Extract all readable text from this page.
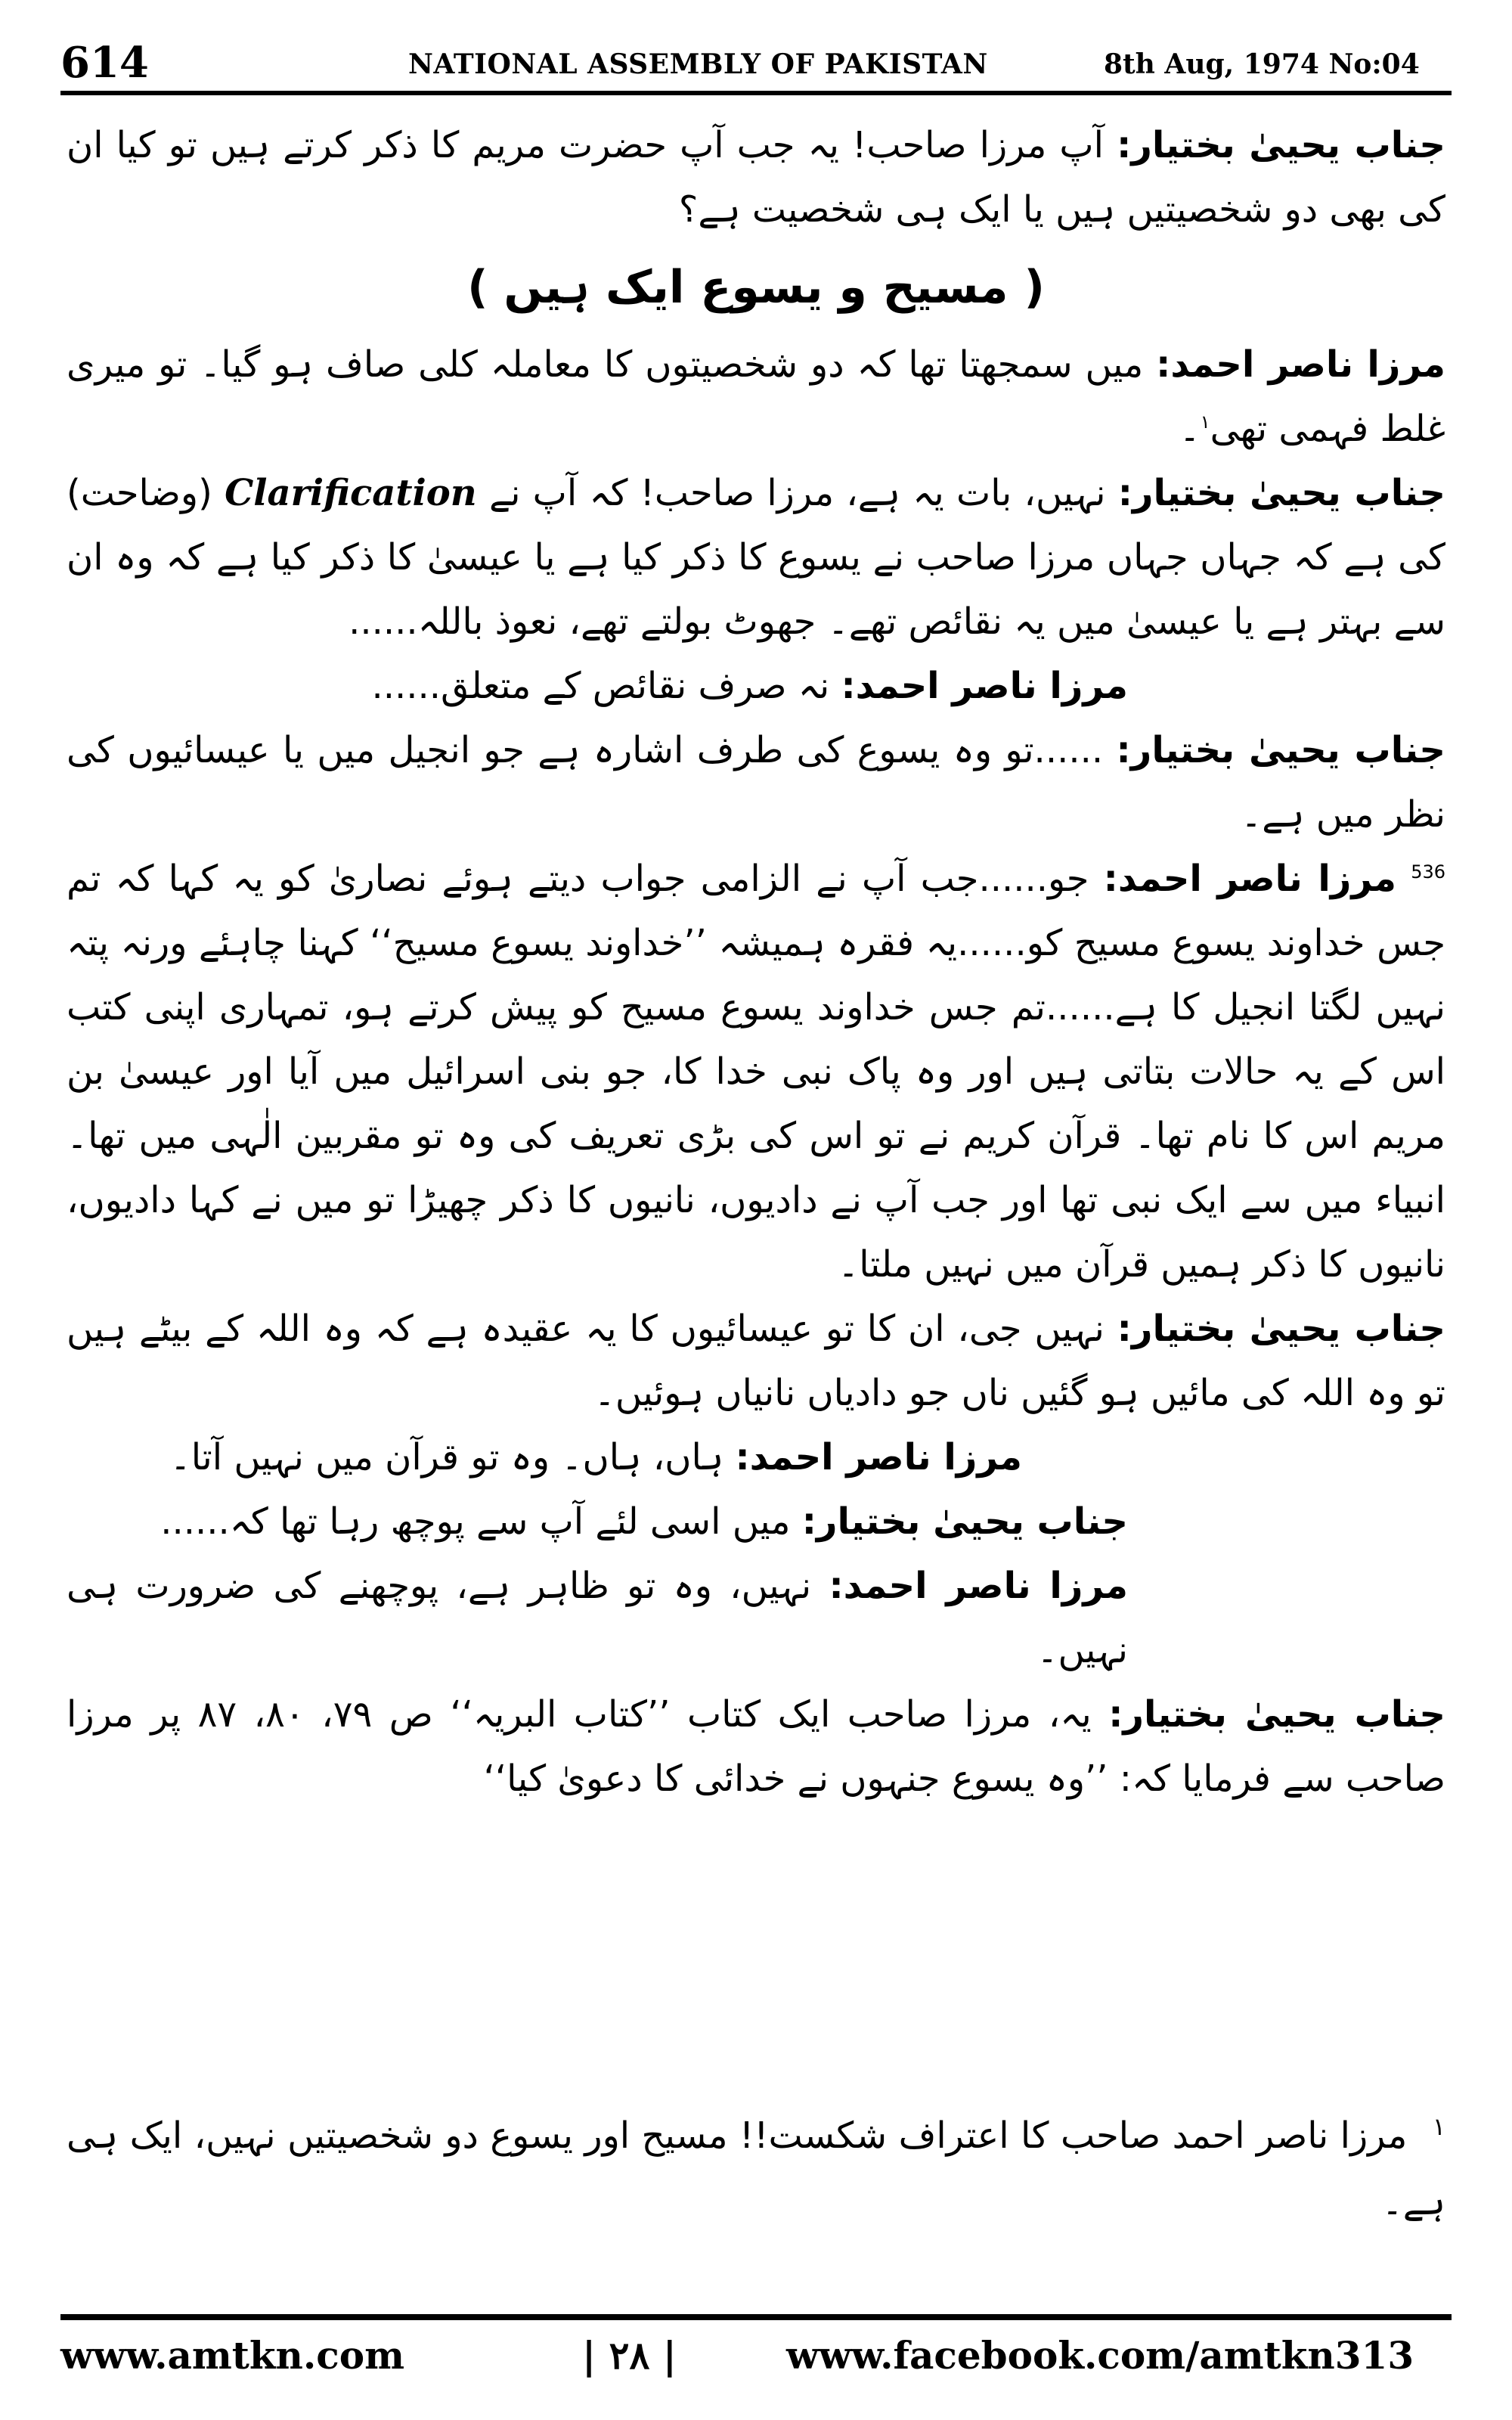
614	NATIONAL ASSEMBLY OF PAKISTAN	8th Aug, 1974 No:04

جناب یحییٰ بختیار: آپ مرزا صاحب! یہ جب آپ حضرت مریم کا ذکر کرتے ہیں تو کیا ان کی بھی دو شخصیتیں ہیں یا ایک ہی شخصیت ہے؟

( مسیح و یسوع ایک ہیں )

مرزا ناصر احمد: میں سمجھتا تھا کہ دو شخصیتوں کا معاملہ کلی صاف ہو گیا۔ تو میری غلط فہمی تھی$^۱$۔

جناب یحییٰ بختیار: نہیں، بات یہ ہے، مرزا صاحب! کہ آپ نے Clarification (وضاحت) کی ہے کہ جہاں جہاں مرزا صاحب نے یسوع کا ذکر کیا ہے یا عیسیٰ کا ذکر کیا ہے کہ وہ ان سے بہتر ہے یا عیسیٰ میں یہ نقائص تھے۔ جھوٹ بولتے تھے، نعوذ باللہ......

مرزا ناصر احمد: نہ صرف نقائص کے متعلق......

جناب یحییٰ بختیار: ......تو وہ یسوع کی طرف اشارہ ہے جو انجیل میں یا عیسائیوں کی نظر میں ہے۔

$^{536}$ مرزا ناصر احمد: جو......جب آپ نے الزامی جواب دیتے ہوئے نصاریٰ کو یہ کہا کہ تم جس خداوند یسوع مسیح کو......یہ فقرہ ہمیشہ ’’خداوند یسوع مسیح‘‘ کہنا چاہئے ورنہ پتہ نہیں لگتا انجیل کا ہے......تم جس خداوند یسوع مسیح کو پیش کرتے ہو، تمہاری اپنی کتب اس کے یہ حالات بتاتی ہیں اور وہ پاک نبی خدا کا، جو بنی اسرائیل میں آیا اور عیسیٰ بن مریم اس کا نام تھا۔ قرآن کریم نے تو اس کی بڑی تعریف کی وہ تو مقربین الٰہی میں تھا۔ انبیاء میں سے ایک نبی تھا اور جب آپ نے دادیوں، نانیوں کا ذکر چھیڑا تو میں نے کہا دادیوں، نانیوں کا ذکر ہمیں قرآن میں نہیں ملتا۔

جناب یحییٰ بختیار: نہیں جی، ان کا تو عیسائیوں کا یہ عقیدہ ہے کہ وہ اللہ کے بیٹے ہیں تو وہ اللہ کی مائیں ہو گئیں ناں جو دادیاں نانیاں ہوئیں۔

مرزا ناصر احمد: ہاں، ہاں۔ وہ تو قرآن میں نہیں آتا۔

جناب یحییٰ بختیار: میں اسی لئے آپ سے پوچھ رہا تھا کہ......

مرزا ناصر احمد: نہیں، وہ تو ظاہر ہے، پوچھنے کی ضرورت ہی نہیں۔

جناب یحییٰ بختیار: یہ، مرزا صاحب ایک کتاب ’’کتاب البریہ‘‘ ص ۷۹، ۸۰، ۸۷ پر مرزا صاحب سے فرمایا کہ: ’’وہ یسوع جنہوں نے خدائی کا دعویٰ کیا‘‘

$^۱$ مرزا ناصر احمد صاحب کا اعتراف شکست!! مسیح اور یسوع دو شخصیتیں نہیں، ایک ہی ہے۔
www.amtkn.com	| ۲۸ |	www.facebook.com/amtkn313
